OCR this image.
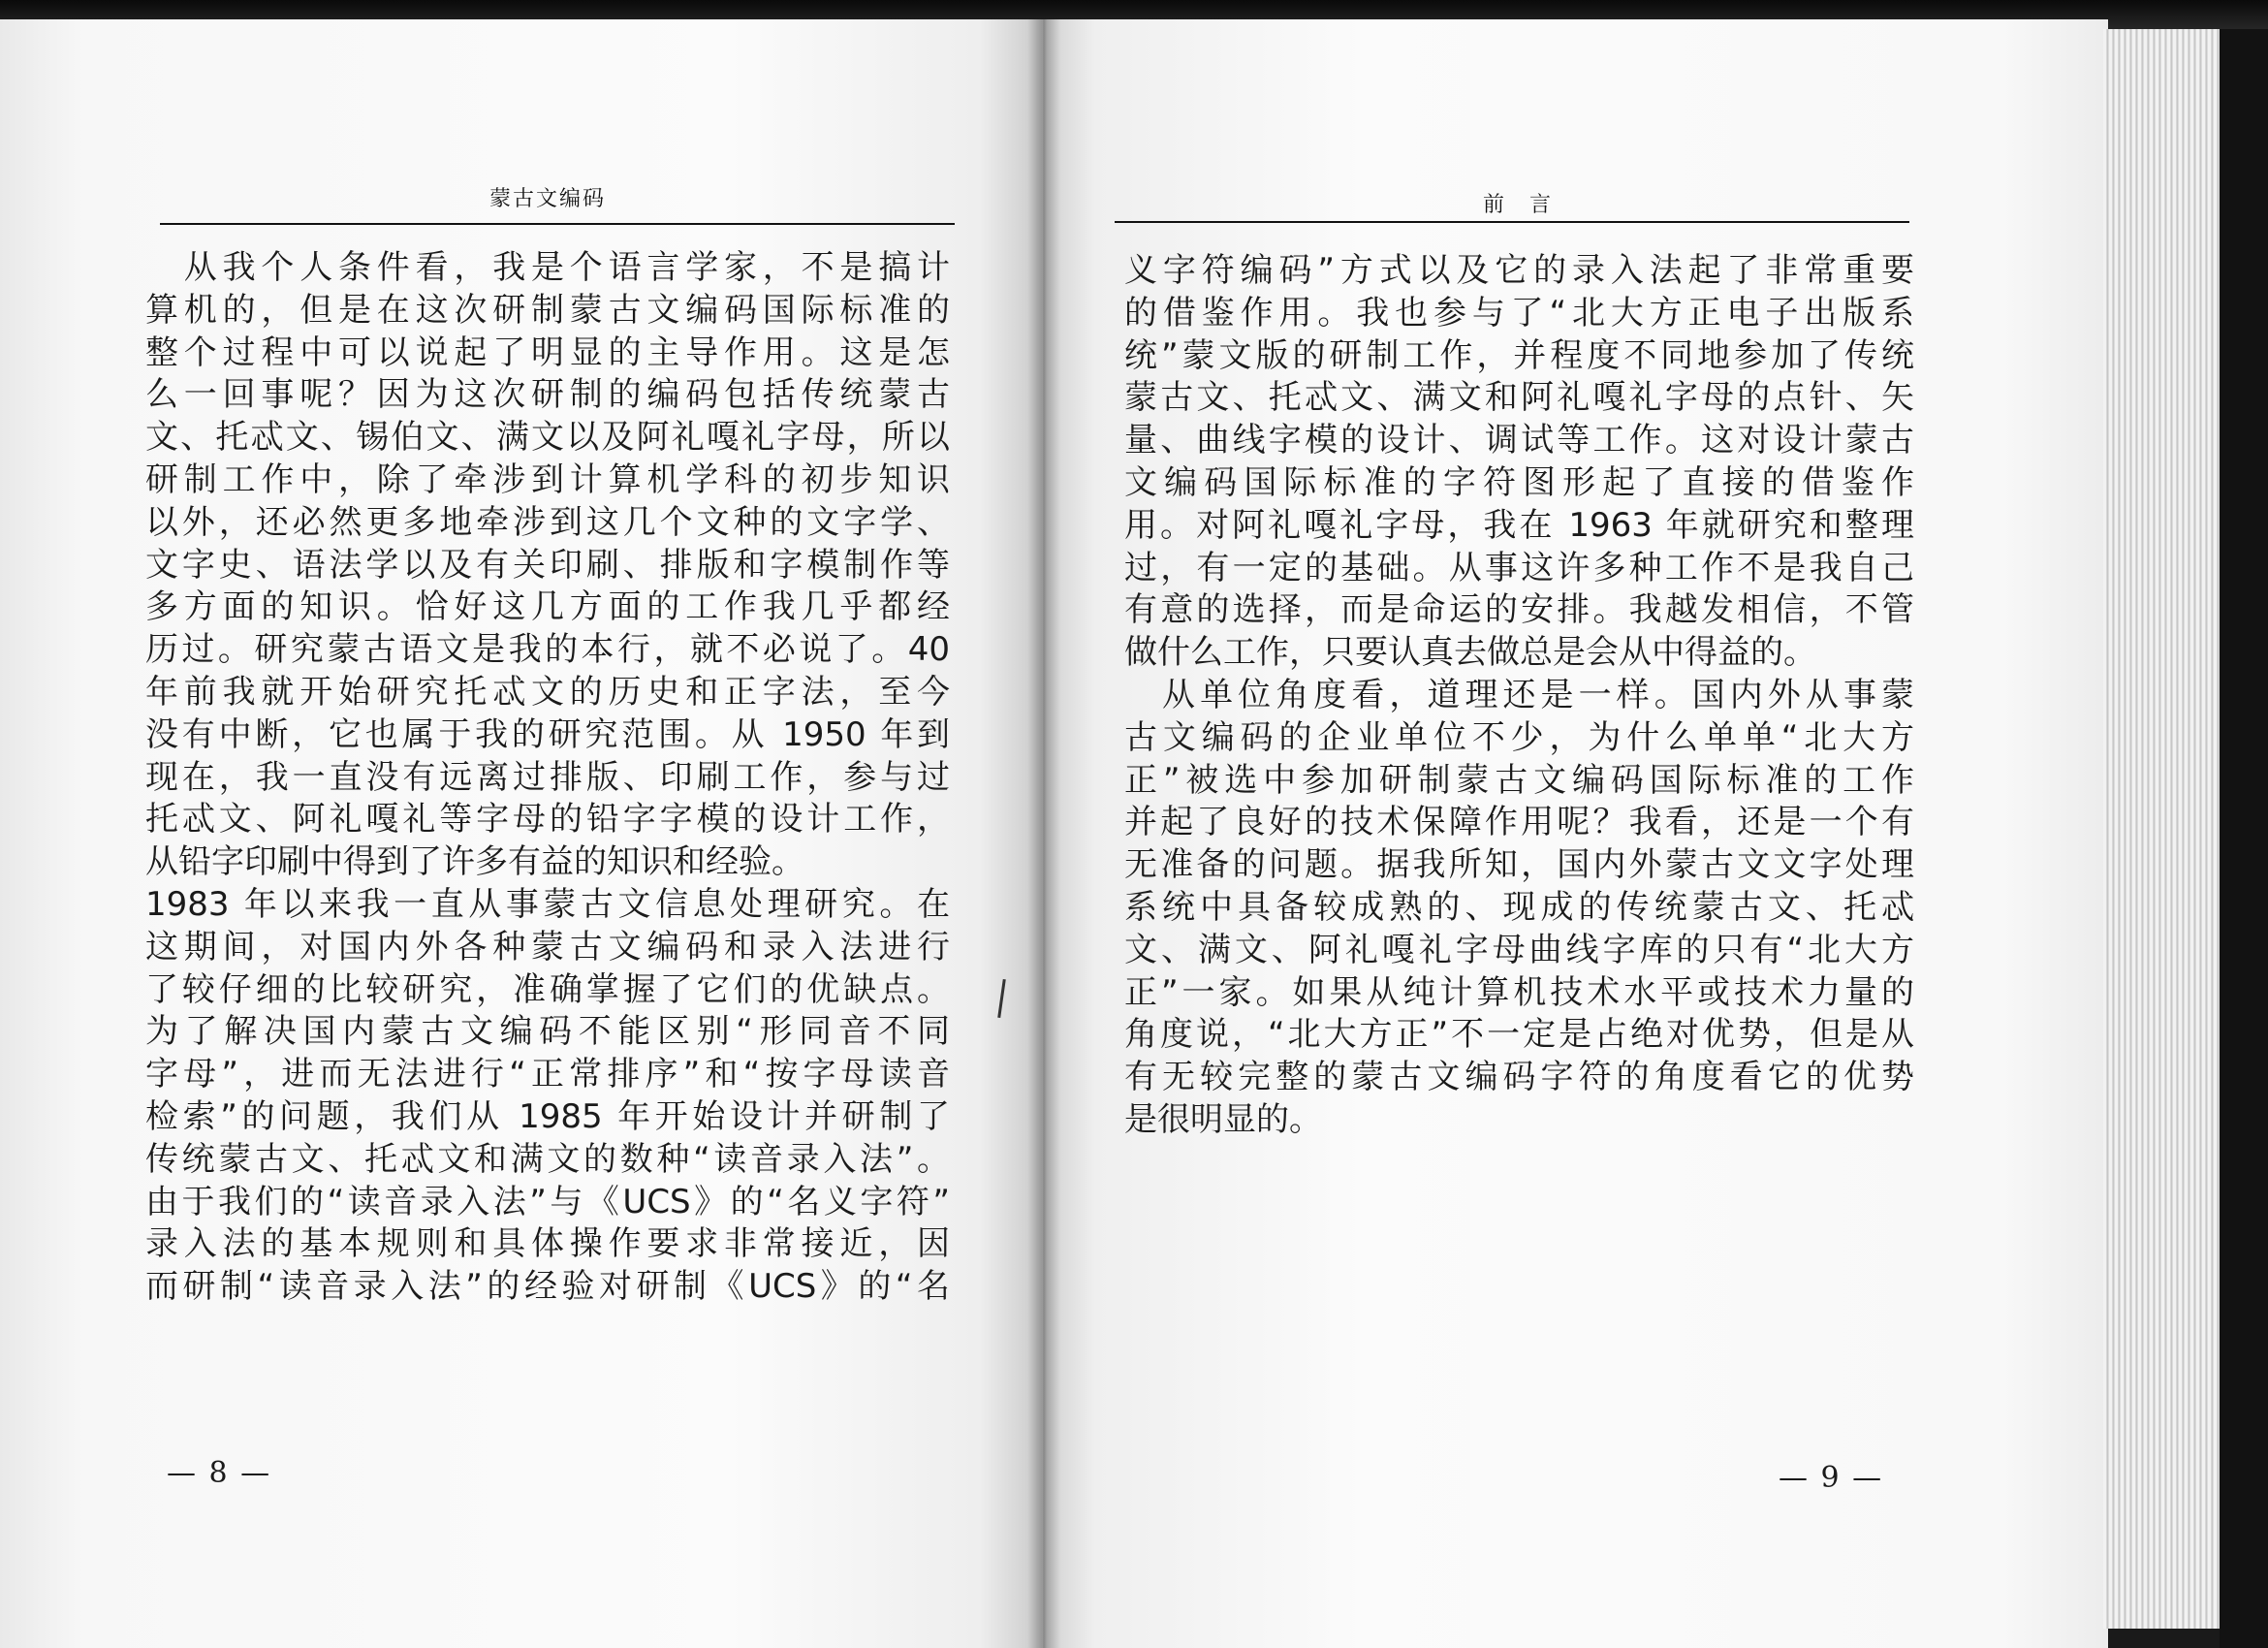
蒙古文编码
　从我个人条件看，我是个语言学家，不是搞计
算机的，但是在这次研制蒙古文编码国际标准的
整个过程中可以说起了明显的主导作用。这是怎
么一回事呢？因为这次研制的编码包括传统蒙古
文、托忒文、锡伯文、满文以及阿礼嘎礼字母，所以
研制工作中，除了牵涉到计算机学科的初步知识
以外，还必然更多地牵涉到这几个文种的文字学、
文字史、语法学以及有关印刷、排版和字模制作等
多方面的知识。恰好这几方面的工作我几乎都经
历过。研究蒙古语文是我的本行，就不必说了。40
年前我就开始研究托忒文的历史和正字法，至今
没有中断，它也属于我的研究范围。从 1950 年到
现在，我一直没有远离过排版、印刷工作，参与过
托忒文、阿礼嘎礼等字母的铅字字模的设计工作，
从铅字印刷中得到了许多有益的知识和经验。
1983 年以来我一直从事蒙古文信息处理研究。在
这期间，对国内外各种蒙古文编码和录入法进行
了较仔细的比较研究，准确掌握了它们的优缺点。
为了解决国内蒙古文编码不能区别“形同音不同
字母”，进而无法进行“正常排序”和“按字母读音
检索”的问题，我们从 1985 年开始设计并研制了
传统蒙古文、托忒文和满文的数种“读音录入法”。
由于我们的“读音录入法”与《UCS》的“名义字符”
录入法的基本规则和具体操作要求非常接近，因
而研制“读音录入法”的经验对研制《UCS》的“名
— 8 —
前　言
义字符编码”方式以及它的录入法起了非常重要
的借鉴作用。我也参与了“北大方正电子出版系
统”蒙文版的研制工作，并程度不同地参加了传统
蒙古文、托忒文、满文和阿礼嘎礼字母的点针、矢
量、曲线字模的设计、调试等工作。这对设计蒙古
文编码国际标准的字符图形起了直接的借鉴作
用。对阿礼嘎礼字母，我在 1963 年就研究和整理
过，有一定的基础。从事这许多种工作不是我自己
有意的选择，而是命运的安排。我越发相信，不管
做什么工作，只要认真去做总是会从中得益的。
　从单位角度看，道理还是一样。国内外从事蒙
古文编码的企业单位不少，为什么单单“北大方
正”被选中参加研制蒙古文编码国际标准的工作
并起了良好的技术保障作用呢？我看，还是一个有
无准备的问题。据我所知，国内外蒙古文文字处理
系统中具备较成熟的、现成的传统蒙古文、托忒
文、满文、阿礼嘎礼字母曲线字库的只有“北大方
正”一家。如果从纯计算机技术水平或技术力量的
角度说，“北大方正”不一定是占绝对优势，但是从
有无较完整的蒙古文编码字符的角度看它的优势
是很明显的。
— 9 —
